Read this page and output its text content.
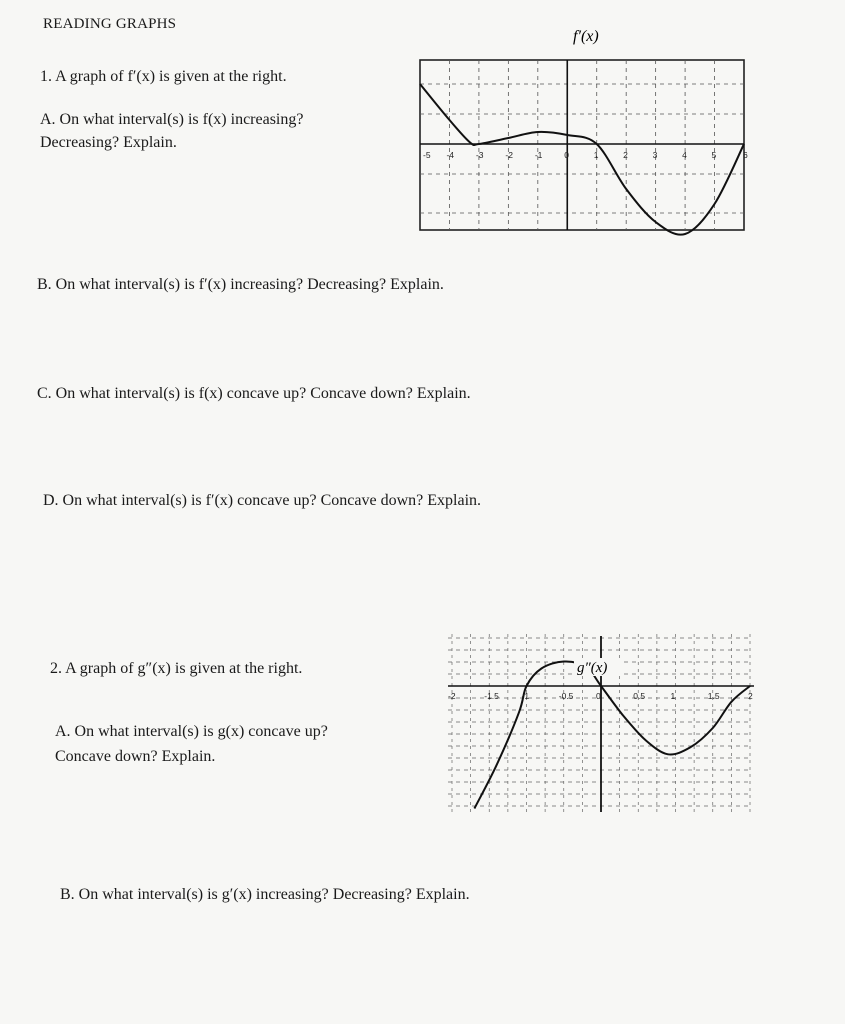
READING GRAPHS
1. A graph of f′(x) is given at the right.
A. On what interval(s) is f(x) increasing?
Decreasing? Explain.
B. On what interval(s) is f′(x) increasing? Decreasing? Explain.
C. On what interval(s) is f(x) concave up? Concave down? Explain.
D. On what interval(s) is f′(x) concave up? Concave down? Explain.
2. A graph of g″(x) is given at the right.
A. On what interval(s) is g(x) concave up?
Concave down? Explain.
B. On what interval(s) is g′(x) increasing? Decreasing? Explain.
f′(x)
-5 -4	-3	-2	-1	0	1	2	3	4	5	6
-2	-1.5	-1	-0.5	0	0.5	1	1.5	2
g″(x)
